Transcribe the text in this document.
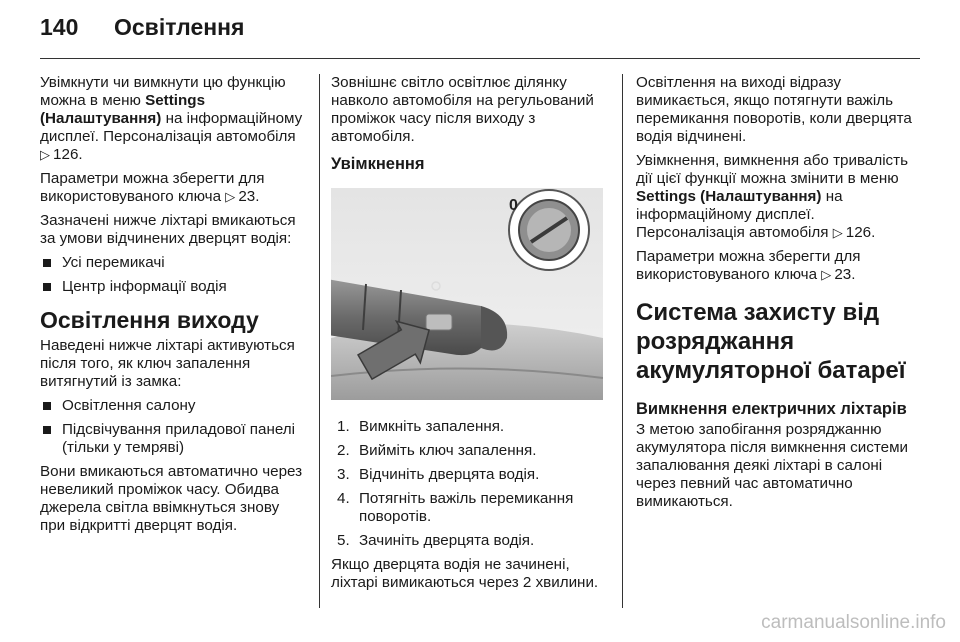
140	Освітлення

Увімкнути чи вимкнути цю функцію можна в меню Settings (Налаштування) на інформаційному дисплеї. Персоналізація автомобіля ▷  126.

Параметри можна зберегти для використовуваного ключа ▷  23.

Зазначені нижче ліхтарі вмикаються за умови відчинених дверцят водія:

Усі перемикачі
Центр інформації водія
Освітлення виходу

Наведені нижче ліхтарі активуються після того, як ключ запалення витягнутий із замка:

Освітлення салону
Підсвічування приладової панелі (тільки у темряві)

Вони вмикаються автоматично через невеликий проміжок часу. Обидва джерела світла ввімкнуться знову при відкритті дверцят водія.

Зовнішнє світло освітлює ділянку навколо автомобіля на регульований проміжок часу після виходу з автомобіля.

Увімкнення
0
1. Вимкніть запалення.
2. Вийміть ключ запалення.
3. Відчиніть дверцята водія.
4. Потягніть важіль перемикання поворотів.
5. Зачиніть дверцята водія.

Якщо дверцята водія не зачинені, ліхтарі вимикаються через 2 хвилини.

Освітлення на виході відразу вимикається, якщо потягнути важіль перемикання поворотів, коли дверцята водія відчинені.

Увімкнення, вимкнення або тривалість дії цієї функції можна змінити в меню Settings (Налаштування) на інформаційному дисплеї. Персоналізація автомобіля ▷  126.

Параметри можна зберегти для використовуваного ключа ▷  23.

Система захисту від розряджання акумуляторної батареї
Вимкнення електричних ліхтарів

З метою запобігання розряджанню акумулятора після вимкнення системи запалювання деякі ліхтарі в салоні через певний час автоматично вимикаються.

carmanualsonline.info
